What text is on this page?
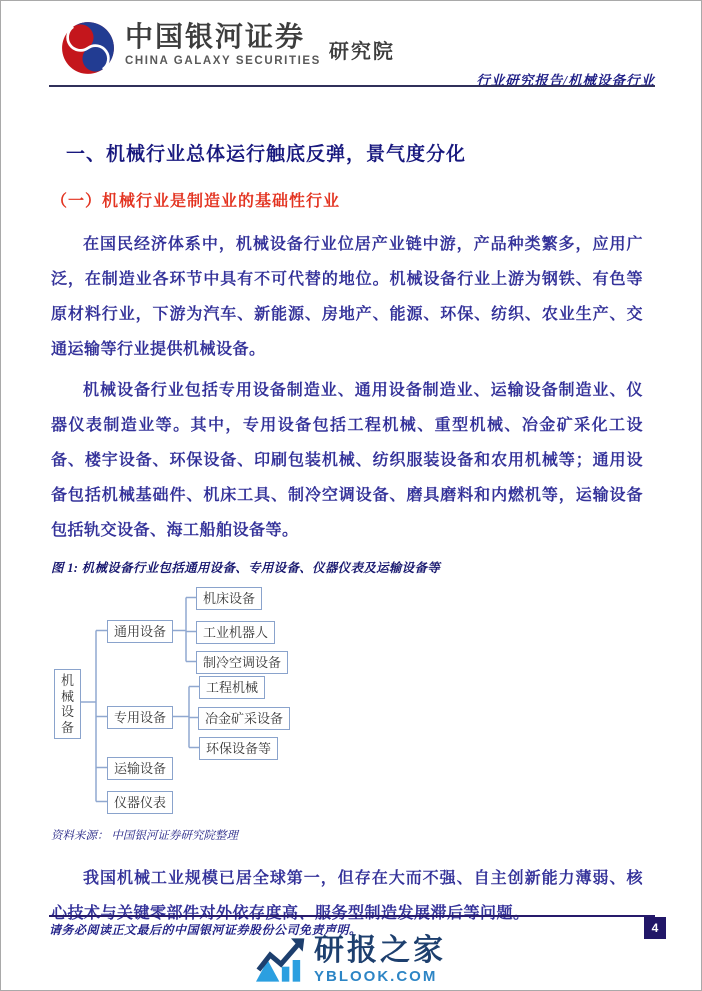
中国银河证券
CHINA GALAXY SECURITIES 研究院
行业研究报告/机械设备行业
一、机械行业总体运行触底反弹，景气度分化
（一）机械行业是制造业的基础性行业

在国民经济体系中，机械设备行业位居产业链中游，产品种类繁多，应用广泛，在制造业各环节中具有不可代替的地位。机械设备行业上游为钢铁、有色等原材料行业，下游为汽车、新能源、房地产、能源、环保、纺织、农业生产、交通运输等行业提供机械设备。

机械设备行业包括专用设备制造业、通用设备制造业、运输设备制造业、仪器仪表制造业等。其中，专用设备包括工程机械、重型机械、冶金矿采化工设备、楼宇设备、环保设备、印刷包装机械、纺织服装设备和农用机械等；通用设备包括机械基础件、机床工具、制冷空调设备、磨具磨料和内燃机等，运输设备包括轨交设备、海工船舶设备等。

图 1: 机械设备行业包括通用设备、专用设备、仪器仪表及运输设备等
机械设备
通用设备
专用设备
运输设备
仪器仪表
机床设备
工业机器人
制冷空调设备
工程机械
冶金矿采设备
环保设备等
资料来源： 中国银河证券研究院整理

我国机械工业规模已居全球第一，但存在大而不强、自主创新能力薄弱、核心技术与关键零部件对外依存度高、服务型制造发展滞后等问题。

请务必阅读正文最后的中国银河证券股份公司免责声明。	4
研报之家
YBLOOK.COM
